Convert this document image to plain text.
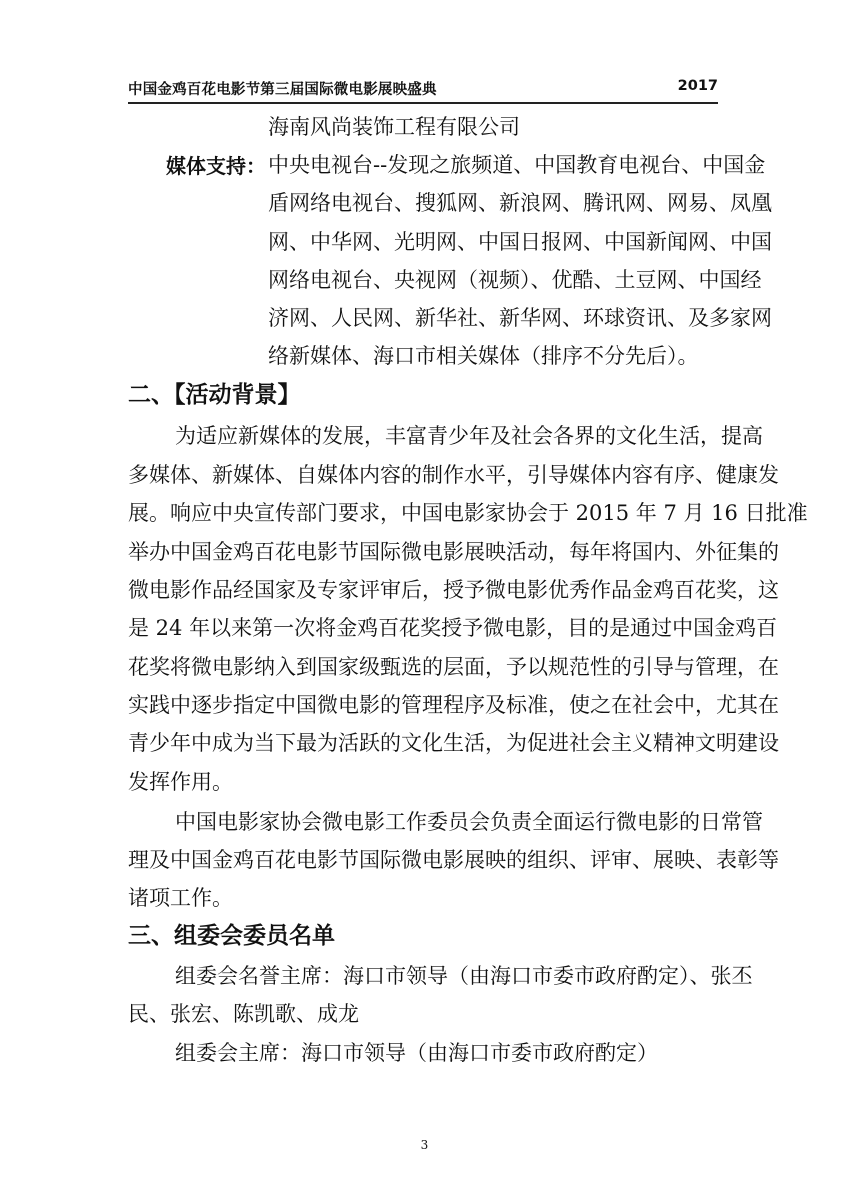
中国金鸡百花电影节第三届国际微电影展映盛典	2017
海南风尚装饰工程有限公司
媒体支持： 中央电视台--发现之旅频道、中国教育电视台、中国金
盾网络电视台、搜狐网、新浪网、腾讯网、网易、凤凰
网、中华网、光明网、中国日报网、中国新闻网、中国
网络电视台、央视网（视频）、优酷、土豆网、中国经
济网、人民网、新华社、新华网、环球资讯、及多家网
络新媒体、海口市相关媒体（排序不分先后）。
二、【活动背景】
为适应新媒体的发展，丰富青少年及社会各界的文化生活，提高
多媒体、新媒体、自媒体内容的制作水平，引导媒体内容有序、健康发
展。响应中央宣传部门要求，中国电影家协会于 2015 年 7 月 16 日批准
举办中国金鸡百花电影节国际微电影展映活动，每年将国内、外征集的
微电影作品经国家及专家评审后，授予微电影优秀作品金鸡百花奖，这
是 24 年以来第一次将金鸡百花奖授予微电影，目的是通过中国金鸡百
花奖将微电影纳入到国家级甄选的层面，予以规范性的引导与管理，在
实践中逐步指定中国微电影的管理程序及标准，使之在社会中，尤其在
青少年中成为当下最为活跃的文化生活，为促进社会主义精神文明建设
发挥作用。
中国电影家协会微电影工作委员会负责全面运行微电影的日常管
理及中国金鸡百花电影节国际微电影展映的组织、评审、展映、表彰等
诸项工作。
三、组委会委员名单
组委会名誉主席：海口市领导（由海口市委市政府酌定）、张丕
民、张宏、陈凯歌、成龙
组委会主席：海口市领导（由海口市委市政府酌定）
3
